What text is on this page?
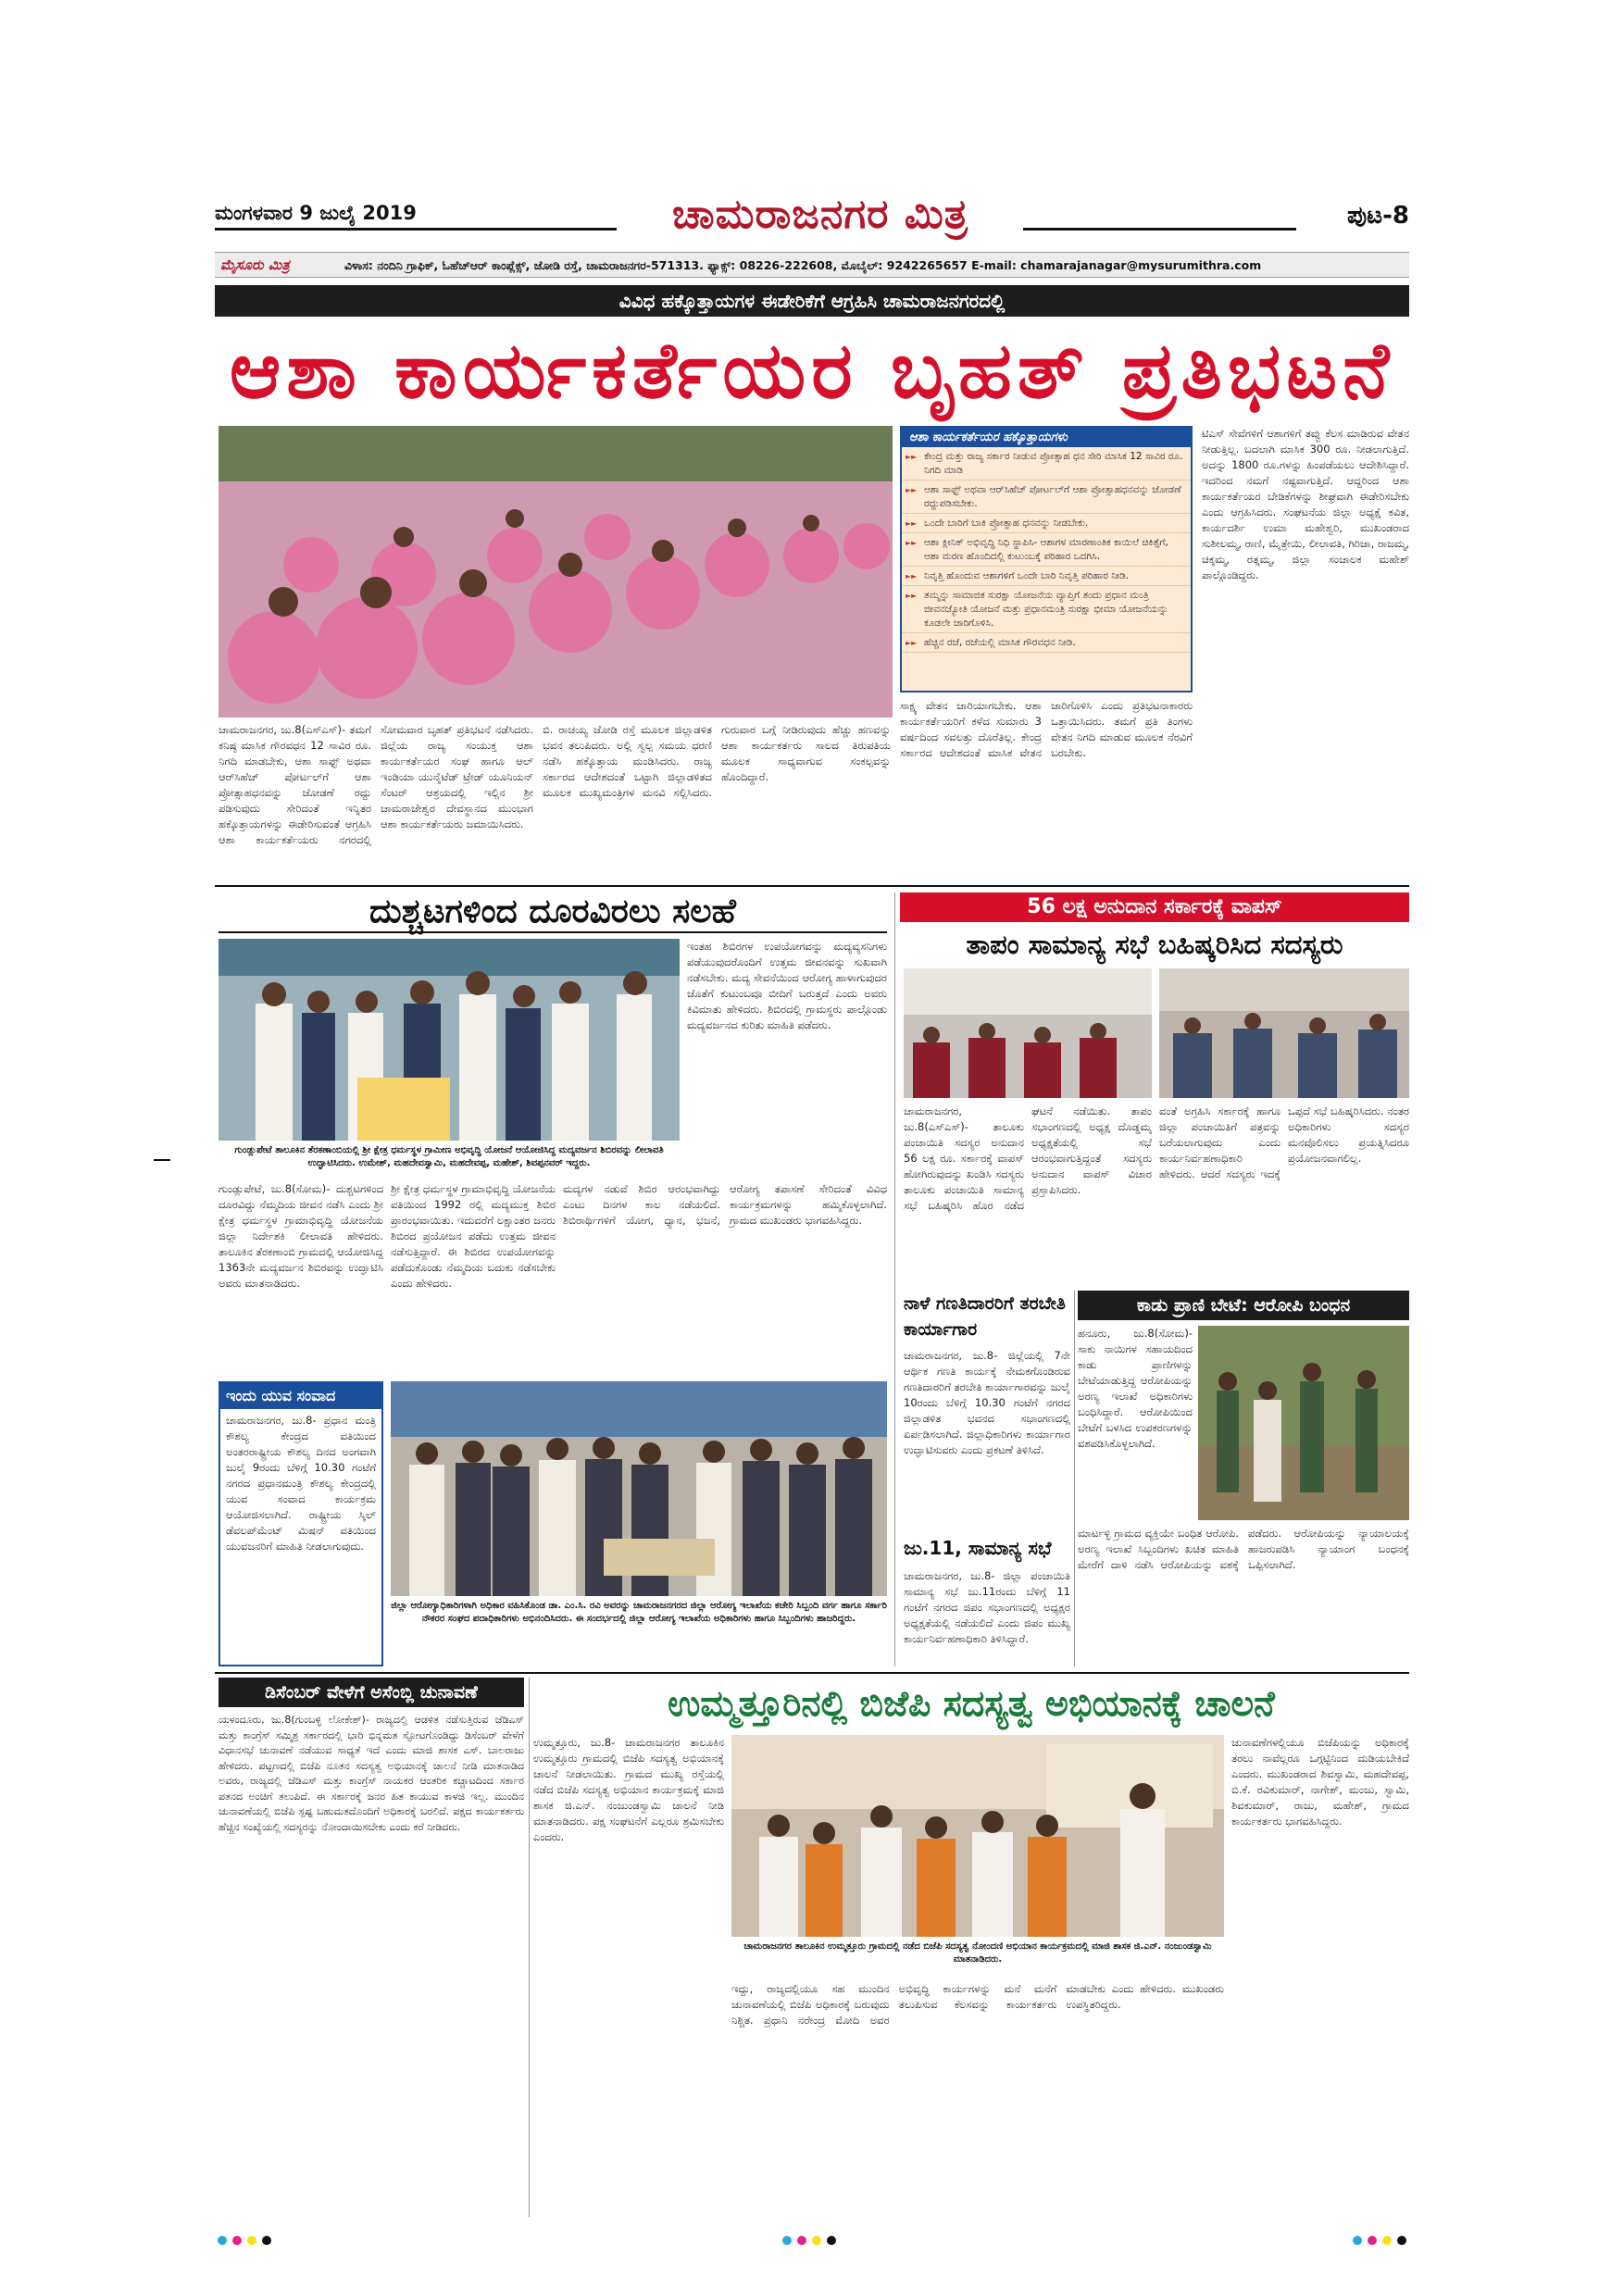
ಮಂಗಳವಾರ 9 ಜುಲೈ 2019	ಚಾಮರಾಜನಗರ ಮಿತ್ರ	ಪುಟ-8
ಮೈಸೂರು ಮಿತ್ರ	ವಿಳಾಸ: ನಂದಿನಿ ಗ್ರಾಫಿಕ್, ಓಹೆಚ್‌ಆರ್ ಕಾಂಪ್ಲೆಕ್ಸ್, ಜೋಡಿ ರಸ್ತೆ, ಚಾಮರಾಜನಗರ-571313. ಫ್ಯಾಕ್ಸ್: 08226-222608, ಮೊಬೈಲ್: 9242265657 E-mail: chamarajanagar@mysurumithra.com
ವಿವಿಧ ಹಕ್ಕೊತ್ತಾಯಗಳ ಈಡೇರಿಕೆಗೆ ಆಗ್ರಹಿಸಿ ಚಾಮರಾಜನಗರದಲ್ಲಿ
ಆಶಾ ಕಾರ್ಯಕರ್ತೆಯರ ಬೃಹತ್ ಪ್ರತಿಭಟನೆ
ಆಶಾ ಕಾರ್ಯಕರ್ತೆಯರ ಹಕ್ಕೊತ್ತಾಯಗಳು
►► ಕೇಂದ್ರ ಮತ್ತು ರಾಜ್ಯ ಸರ್ಕಾರ ನೀಡುವ ಪ್ರೋತ್ಸಾಹ ಧನ ಸೇರಿ ಮಾಸಿಕ 12 ಸಾವಿರ ರೂ. ನಿಗದಿ ಮಾಡಿ
►► ಆಶಾ ಸಾಫ್ಟ್ ಅಥವಾ ಆರ್‌ಸಿಹೆಚ್ ಪೋರ್ಟಲ್‌ಗೆ ಆಶಾ ಪ್ರೋತ್ಸಾಹಧನವನ್ನು ಜೋಡಣೆ ರದ್ದುಪಡಿಸಬೇಕು.
►► ಒಂದೇ ಬಾರಿಗೆ ಬಾಕಿ ಪ್ರೋತ್ಸಾಹ ಧನವನ್ನು ನೀಡಬೇಕು.
►► ಆಶಾ ಕ್ಲೀನಿಕ್ ಅಭಿವೃದ್ಧಿ ನಿಧಿ ಸ್ಥಾಪಿಸಿ- ಆಶಾಗಳ ಮಾರಣಾಂತಿಕ ಕಾಯಿಲೆ ಚಿಕಿತ್ಸೆಗೆ, ಆಶಾ ಮರಣ ಹೊಂದಿದಲ್ಲಿ ಕುಟುಂಬಕ್ಕೆ ಪರಿಹಾರ ಒದಗಿಸಿ.
►► ನಿವೃತ್ತಿ ಹೊಂದುವ ಆಶಾಗಳಿಗೆ ಒಂದೇ ಬಾರಿ ನಿವೃತ್ತಿ ಪರಿಹಾರ ನೀಡಿ.
►► ತಮ್ಮನ್ನು ಸಾಮಾಜಿಕ ಸುರಕ್ಷಾ ಯೋಜನೆಯ ವ್ಯಾಪ್ತಿಗೆ ತಂದು ಪ್ರಧಾನ ಮಂತ್ರಿ ಜೀವನಜ್ಯೋತಿ ಯೋಜನೆ ಮತ್ತು ಪ್ರಧಾನಮಂತ್ರಿ ಸುರಕ್ಷಾ ಭೀಮಾ ಯೋಜನೆಯನ್ನು ಕೂಡಲೇ ಜಾರಿಗೊಳಿಸಿ.
►► ಹೆಚ್ಚಿನ ರಜೆ, ರಜೆಯಲ್ಲಿ ಮಾಸಿಕ ಗೌರವಧನ ನೀಡಿ.
ಚಾಮರಾಜನಗರ, ಜು.8(ಎಸ್‌ಎಸ್)- ತಮಗೆ ಕನಿಷ್ಠ ಮಾಸಿಕ ಗೌರವಧನ 12 ಸಾವಿರ ರೂ. ನಿಗದಿ ಮಾಡಬೇಕು, ಆಶಾ ಸಾಫ್ಟ್ ಅಥವಾ ಆರ್‌ಸಿಹೆಚ್ ಪೋರ್ಟಲ್‌ಗೆ ಆಶಾ ಪ್ರೋತ್ಸಾಹಧನವನ್ನು ಜೋಡಣೆ ರದ್ದು ಪಡಿಸುವುದು ಸೇರಿದಂತೆ ಇನ್ನಿತರ ಹಕ್ಕೊತ್ತಾಯಗಳನ್ನು ಈಡೇರಿಸುವಂತೆ ಆಗ್ರಹಿಸಿ ಆಶಾ ಕಾರ್ಯಕರ್ತೆಯರು ನಗರದಲ್ಲಿ ಸೋಮವಾರ ಬೃಹತ್ ಪ್ರತಿಭಟನೆ ನಡೆಸಿದರು. ಜಿಲ್ಲೆಯ ರಾಜ್ಯ ಸಂಯುಕ್ತ ಆಶಾ ಕಾರ್ಯಕರ್ತೆಯರ ಸಂಘ ಹಾಗೂ ಆಲ್ ಇಂಡಿಯಾ ಯುನೈಟೆಡ್ ಟ್ರೇಡ್ ಯೂನಿಯನ್ ಸೆಂಟರ್ ಆಶ್ರಯದಲ್ಲಿ ಇಲ್ಲಿನ ಶ್ರೀ ಚಾಮರಾಜೇಶ್ವರ ದೇವಸ್ಥಾನದ ಮುಂಭಾಗ ಆಶಾ ಕಾರ್ಯಕರ್ತೆಯರು ಜಮಾಯಿಸಿದರು.
ಬಿ. ರಾಚಯ್ಯ ಜೋಡಿ ರಸ್ತೆ ಮೂಲಕ ಜಿಲ್ಲಾಡಳಿತ ಭವನ ತಲುಪಿದರು. ಅಲ್ಲಿ ಸ್ವಲ್ಪ ಸಮಯ ಧರಣಿ ನಡೆಸಿ ಹಕ್ಕೊತ್ತಾಯ ಮಂಡಿಸಿದರು. ರಾಜ್ಯ ಸರ್ಕಾರದ ಆದೇಶದಂತೆ ಒಟ್ಟಾಗಿ ಜಿಲ್ಲಾಡಳಿತದ ಮೂಲಕ ಮುಖ್ಯಮಂತ್ರಿಗಳ ಮನವಿ ಸಲ್ಲಿಸಿದರು. ಗುರುವಾರ ಬಗ್ಗೆ ನೀಡಿರುವುದು ಹೆಚ್ಚು ಹಣವನ್ನು ಆಶಾ ಕಾರ್ಯಕರ್ತರು ಸಾಲದ ತಿರುಪತಿಯ ಮೂಲಕ ಸಾಧ್ಯವಾಗುವ ಸಂಕಲ್ಪವನ್ನು ಹೊಂದಿದ್ದಾರೆ.
ಸಾಕ್ಷ್ಯ ವೇತನ ಜಾರಿಯಾಗಬೇಕು. ಆಶಾ ಕಾರ್ಯಕರ್ತೆಯರಿಗೆ ಕಳೆದ ಸುಮಾರು 3 ವರ್ಷದಿಂದ ಸವಲತ್ತು ದೊರೆತಿಲ್ಲ. ಕೇಂದ್ರ ಸರ್ಕಾರದ ಆದೇಶದಂತೆ ಮಾಸಿಕ ವೇತನ ಜಾರಿಗೊಳಿಸಿ ಎಂದು ಪ್ರತಿಭಟನಾಕಾರರು ಒತ್ತಾಯಿಸಿದರು. ತಮಗೆ ಪ್ರತಿ ತಿಂಗಳು ವೇತನ ನಿಗದಿ ಮಾಡುವ ಮೂಲಕ ನೆರವಿಗೆ ಬರಬೇಕು.
ಟಿಎಸ್ ಸೇವೆಗಳಿಗೆ ಆಶಾಗಳಿಗೆ ತವ್ವು ಕೆಲಸ ಮಾಡಿರುವ ವೇತನ ನೀಡುತ್ತಿಲ್ಲ. ಬದಲಾಗಿ ಮಾಸಿಕ 300 ರೂ. ನೀಡಲಾಗುತ್ತಿದೆ. ಅದನ್ನು 1800 ರೂ.ಗಳನ್ನು ಹಿಂಪಡೆಯಲು ಆದೇಶಿಸಿದ್ದಾರೆ. ಇದರಿಂದ ನಮಗೆ ನಷ್ಟವಾಗುತ್ತಿದೆ. ಆದ್ದರಿಂದ ಆಶಾ ಕಾರ್ಯಕರ್ತೆಯರ ಬೇಡಿಕೆಗಳನ್ನು ಶೀಘ್ರವಾಗಿ ಈಡೇರಿಸಬೇಕು ಎಂದು ಆಗ್ರಹಿಸಿದರು. ಸಂಘಟನೆಯ ಜಿಲ್ಲಾ ಅಧ್ಯಕ್ಷೆ ಕವಿತ, ಕಾರ್ಯದರ್ಶಿ ಉಮಾ ಮಹೇಶ್ವರಿ, ಮುಖಂಡರಾದ ಸುಶೀಲಮ್ಮ, ರಾಣಿ, ಮೈತ್ರೇಯಿ, ಲೀಲಾವತಿ, ಗಿರಿಜಾ, ರಾಜಮ್ಮ, ಚಿಕ್ಕಮ್ಮ, ರತ್ನಮ್ಮ, ಜಿಲ್ಲಾ ಸಂಚಾಲಕ ಮಹೇಶ್ ಪಾಲ್ಗೊಂಡಿದ್ದರು.
ದುಶ್ಚಟಗಳಿಂದ ದೂರವಿರಲು ಸಲಹೆ
ಗುಂಡ್ಲುಪೇಟೆ ತಾಲೂಕಿನ ತೆರಕಣಾಂಬಿಯಲ್ಲಿ ಶ್ರೀ ಕ್ಷೇತ್ರ ಧರ್ಮಸ್ಥಳ ಗ್ರಾಮೀಣ ಅಭಿವೃದ್ಧಿ ಯೋಜನೆ ಆಯೋಜಿಸಿದ್ದ ಮದ್ಯವರ್ಜನ ಶಿಬಿರವನ್ನು ಲೀಲಾವತಿ ಉದ್ಘಾಟಿಸಿದರು. ಉಮೇಶ್, ಮಹದೇವಸ್ವಾಮಿ, ಮಹದೇವಪ್ಪ, ಮಹೇಶ್, ಶಿವಪ್ಪನವರ್ ಇದ್ದರು.
ಇಂತಹ ಶಿಬಿರಗಳ ಉಪಯೋಗವನ್ನು ಮದ್ಯವ್ಯಸನಿಗಳು ಪಡೆಯುವುದರೊಂದಿಗೆ ಉತ್ತಮ ಜೀವನವನ್ನು ಸುಖವಾಗಿ ನಡೆಸಬೇಕು. ಮದ್ಯ ಸೇವನೆಯಿಂದ ಆರೋಗ್ಯ ಹಾಳಾಗುವುದರ ಜೊತೆಗೆ ಕುಟುಂಬವೂ ಬೀದಿಗೆ ಬರುತ್ತದೆ ಎಂದು ಅವರು ಕಿವಿಮಾತು ಹೇಳಿದರು. ಶಿಬಿರದಲ್ಲಿ ಗ್ರಾಮಸ್ಥರು ಪಾಲ್ಗೊಂಡು ಮದ್ಯವರ್ಜನದ ಕುರಿತು ಮಾಹಿತಿ ಪಡೆದರು.
ಗುಂಡ್ಲುಪೇಟೆ, ಜು.8(ಸೋಮ)- ದುಶ್ಚಟಗಳಿಂದ ದೂರವಿದ್ದು ನೆಮ್ಮದಿಯ ಜೀವನ ನಡೆಸಿ ಎಂದು ಶ್ರೀ ಕ್ಷೇತ್ರ ಧರ್ಮಸ್ಥಳ ಗ್ರಾಮಾಭಿವೃದ್ಧಿ ಯೋಜನೆಯ ಜಿಲ್ಲಾ ನಿರ್ದೇಶಕಿ ಲೀಲಾವತಿ ಹೇಳಿದರು. ತಾಲೂಕಿನ ತೆರಕಣಾಂಬಿ ಗ್ರಾಮದಲ್ಲಿ ಆಯೋಜಿಸಿದ್ದ 1363ನೇ ಮದ್ಯವರ್ಜನ ಶಿಬಿರವನ್ನು ಉದ್ಘಾಟಿಸಿ ಅವರು ಮಾತನಾಡಿದರು.
ಶ್ರೀ ಕ್ಷೇತ್ರ ಧರ್ಮಸ್ಥಳ ಗ್ರಾಮಾಭಿವೃದ್ಧಿ ಯೋಜನೆಯ ವತಿಯಿಂದ 1992 ರಲ್ಲಿ ಮದ್ಯಮುಕ್ತ ಶಿಬಿರ ಪ್ರಾರಂಭವಾಯಿತು. ಇದುವರೆಗೆ ಲಕ್ಷಾಂತರ ಜನರು ಶಿಬಿರದ ಪ್ರಯೋಜನ ಪಡೆದು ಉತ್ತಮ ಜೀವನ ನಡೆಸುತ್ತಿದ್ದಾರೆ. ಈ ಶಿಬಿರದ ಉಪಯೋಗವನ್ನು ಪಡೆದುಕೊಂಡು ನೆಮ್ಮದಿಯ ಬದುಕು ನಡೆಸಬೇಕು ಎಂದು ಹೇಳಿದರು.
ಮದ್ಯಗಳ ನಡುವೆ ಶಿಬಿರ ಆರಂಭವಾಗಿದ್ದು ಎಂಟು ದಿನಗಳ ಕಾಲ ನಡೆಯಲಿದೆ. ಶಿಬಿರಾರ್ಥಿಗಳಿಗೆ ಯೋಗ, ಧ್ಯಾನ, ಭಜನೆ, ಆರೋಗ್ಯ ತಪಾಸಣೆ ಸೇರಿದಂತೆ ವಿವಿಧ ಕಾರ್ಯಕ್ರಮಗಳನ್ನು ಹಮ್ಮಿಕೊಳ್ಳಲಾಗಿದೆ. ಗ್ರಾಮದ ಮುಖಂಡರು ಭಾಗವಹಿಸಿದ್ದರು.
56 ಲಕ್ಷ ಅನುದಾನ ಸರ್ಕಾರಕ್ಕೆ ವಾಪಸ್
ತಾಪಂ ಸಾಮಾನ್ಯ ಸಭೆ ಬಹಿಷ್ಕರಿಸಿದ ಸದಸ್ಯರು
ಚಾಮರಾಜನಗರ, ಜು.8(ಎಸ್‌ಎಸ್)- ತಾಲೂಕು ಪಂಚಾಯಿತಿ ಸದಸ್ಯರ ಅನುದಾನ 56 ಲಕ್ಷ ರೂ. ಸರ್ಕಾರಕ್ಕೆ ವಾಪಸ್ ಹೋಗಿರುವುದನ್ನು ಖಂಡಿಸಿ ಸದಸ್ಯರು ತಾಲೂಕು ಪಂಚಾಯಿತಿ ಸಾಮಾನ್ಯ ಸಭೆ ಬಹಿಷ್ಕರಿಸಿ ಹೊರ ನಡೆದ ಘಟನೆ ನಡೆಯಿತು. ತಾಪಂ ಸಭಾಂಗಣದಲ್ಲಿ ಅಧ್ಯಕ್ಷ ದೊಡ್ಡಮ್ಮ ಅಧ್ಯಕ್ಷತೆಯಲ್ಲಿ ಸಭೆ ಆರಂಭವಾಗುತ್ತಿದ್ದಂತೆ ಸದಸ್ಯರು ಅನುದಾನ ವಾಪಸ್ ವಿಚಾರ ಪ್ರಸ್ತಾಪಿಸಿದರು.
ವಂತೆ ಅಗ್ರಹಿಸಿ ಸರ್ಕಾರಕ್ಕೆ ಹಾಗೂ ಜಿಲ್ಲಾ ಪಂಚಾಯಿತಿಗೆ ಪತ್ರವನ್ನು ಬರೆಯಲಾಗುವುದು ಎಂದು ಕಾರ್ಯನಿರ್ವಹಣಾಧಿಕಾರಿ ಹೇಳಿದರು. ಆದರೆ ಸದಸ್ಯರು ಇದಕ್ಕೆ ಒಪ್ಪದೆ ಸಭೆ ಬಹಿಷ್ಕರಿಸಿದರು. ನಂತರ ಅಧಿಕಾರಿಗಳು ಸದಸ್ಯರ ಮನವೊಲಿಸಲು ಪ್ರಯತ್ನಿಸಿದರೂ ಪ್ರಯೋಜನವಾಗಲಿಲ್ಲ.
ನಾಳೆ ಗಣತಿದಾರರಿಗೆ ತರಬೇತಿ ಕಾರ್ಯಾಗಾರ
ಚಾಮರಾಜನಗರ, ಜು.8- ಜಿಲ್ಲೆಯಲ್ಲಿ 7ನೇ ಆರ್ಥಿಕ ಗಣತಿ ಕಾರ್ಯಕ್ಕೆ ನೇಮಕಗೊಂಡಿರುವ ಗಣತಿದಾರರಿಗೆ ತರಬೇತಿ ಕಾರ್ಯಾಗಾರವನ್ನು ಜುಲೈ 10ರಂದು ಬೆಳಿಗ್ಗೆ 10.30 ಗಂಟೆಗೆ ನಗರದ ಜಿಲ್ಲಾಡಳಿತ ಭವನದ ಸಭಾಂಗಣದಲ್ಲಿ ಏರ್ಪಡಿಸಲಾಗಿದೆ. ಜಿಲ್ಲಾಧಿಕಾರಿಗಳು ಕಾರ್ಯಾಗಾರ ಉದ್ಘಾಟಿಸುವರು ಎಂದು ಪ್ರಕಟಣೆ ತಿಳಿಸಿದೆ.
ಜು.11, ಸಾಮಾನ್ಯ ಸಭೆ
ಚಾಮರಾಜನಗರ, ಜು.8- ಜಿಲ್ಲಾ ಪಂಚಾಯಿತಿ ಸಾಮಾನ್ಯ ಸಭೆ ಜು.11ರಂದು ಬೆಳಿಗ್ಗೆ 11 ಗಂಟೆಗೆ ನಗರದ ಜಿಪಂ ಸಭಾಂಗಣದಲ್ಲಿ ಅಧ್ಯಕ್ಷರ ಅಧ್ಯಕ್ಷತೆಯಲ್ಲಿ ನಡೆಯಲಿದೆ ಎಂದು ಜಿಪಂ ಮುಖ್ಯ ಕಾರ್ಯನಿರ್ವಹಣಾಧಿಕಾರಿ ತಿಳಿಸಿದ್ದಾರೆ.
ಕಾಡು ಪ್ರಾಣಿ ಬೇಟೆ: ಆರೋಪಿ ಬಂಧನ
ಹನೂರು, ಜು.8(ಸೋಮ)- ಸಾಕು ನಾಯಿಗಳ ಸಹಾಯದಿಂದ ಕಾಡು ಪ್ರಾಣಿಗಳನ್ನು ಬೇಟೆಯಾಡುತ್ತಿದ್ದ ಆರೋಪಿಯನ್ನು ಅರಣ್ಯ ಇಲಾಖೆ ಅಧಿಕಾರಿಗಳು ಬಂಧಿಸಿದ್ದಾರೆ. ಆರೋಪಿಯಿಂದ ಬೇಟೆಗೆ ಬಳಸಿದ ಉಪಕರಣಗಳನ್ನು ವಶಪಡಿಸಿಕೊಳ್ಳಲಾಗಿದೆ.
ಮಾರ್ಟಳ್ಳಿ ಗ್ರಾಮದ ವ್ಯಕ್ತಿಯೇ ಬಂಧಿತ ಆರೋಪಿ. ಅರಣ್ಯ ಇಲಾಖೆ ಸಿಬ್ಬಂದಿಗಳು ಖಚಿತ ಮಾಹಿತಿ ಮೇರೆಗೆ ದಾಳಿ ನಡೆಸಿ ಆರೋಪಿಯನ್ನು ವಶಕ್ಕೆ ಪಡೆದರು. ಆರೋಪಿಯನ್ನು ನ್ಯಾಯಾಲಯಕ್ಕೆ ಹಾಜರುಪಡಿಸಿ ನ್ಯಾಯಾಂಗ ಬಂಧನಕ್ಕೆ ಒಪ್ಪಿಸಲಾಗಿದೆ.
ಇಂದು ಯುವ ಸಂವಾದ
ಚಾಮರಾಜನಗರ, ಜು.8- ಪ್ರಧಾನ ಮಂತ್ರಿ ಕೌಶಲ್ಯ ಕೇಂದ್ರದ ವತಿಯಿಂದ ಅಂತರರಾಷ್ಟ್ರೀಯ ಕೌಶಲ್ಯ ದಿನದ ಅಂಗವಾಗಿ ಜುಲೈ 9ರಂದು ಬೆಳಿಗ್ಗೆ 10.30 ಗಂಟೆಗೆ ನಗರದ ಪ್ರಧಾನಮಂತ್ರಿ ಕೌಶಲ್ಯ ಕೇಂದ್ರದಲ್ಲಿ ಯುವ ಸಂವಾದ ಕಾರ್ಯಕ್ರಮ ಆಯೋಜಿಸಲಾಗಿದೆ. ರಾಷ್ಟ್ರೀಯ ಸ್ಕಿಲ್ ಡೆವಲಪ್‌ಮೆಂಟ್ ಮಿಷನ್ ವತಿಯಿಂದ ಯುವಜನರಿಗೆ ಮಾಹಿತಿ ನೀಡಲಾಗುವುದು.
ಜಿಲ್ಲಾ ಆರೋಗ್ಯಾಧಿಕಾರಿಗಳಾಗಿ ಅಧಿಕಾರ ವಹಿಸಿಕೊಂಡ ಡಾ. ಎಂ.ಸಿ. ರವಿ ಅವರನ್ನು ಚಾಮರಾಜನಗರದ ಜಿಲ್ಲಾ ಆರೋಗ್ಯ ಇಲಾಖೆಯ ಕಚೇರಿ ಸಿಬ್ಬಂದಿ ವರ್ಗ ಹಾಗೂ ಸರ್ಕಾರಿ ನೌಕರರ ಸಂಘದ ಪದಾಧಿಕಾರಿಗಳು ಅಭಿನಂದಿಸಿದರು. ಈ ಸಂದರ್ಭದಲ್ಲಿ ಜಿಲ್ಲಾ ಆರೋಗ್ಯ ಇಲಾಖೆಯ ಅಧಿಕಾರಿಗಳು ಹಾಗೂ ಸಿಬ್ಬಂದಿಗಳು ಹಾಜರಿದ್ದರು.
ಡಿಸೆಂಬರ್ ವೇಳೆಗೆ ಅಸೆಂಬ್ಲಿ ಚುನಾವಣೆ
ಯಳಂದೂರು, ಜು.8(ಗುಂಬಳ್ಳಿ ಲೋಕೇಶ್)- ರಾಜ್ಯದಲ್ಲಿ ಆಡಳಿತ ನಡೆಸುತ್ತಿರುವ ಜೆಡಿಎಸ್ ಮತ್ತು ಕಾಂಗ್ರೆಸ್ ಸಮ್ಮಿಶ್ರ ಸರ್ಕಾರದಲ್ಲಿ ಭಾರಿ ಭಿನ್ನಮತ ಸ್ಫೋಟಗೊಂಡಿದ್ದು ಡಿಸೆಂಬರ್ ವೇಳೆಗೆ ವಿಧಾನಸಭೆ ಚುನಾವಣೆ ನಡೆಯುವ ಸಾಧ್ಯತೆ ಇದೆ ಎಂದು ಮಾಜಿ ಶಾಸಕ ಎಸ್. ಬಾಲರಾಜು ಹೇಳಿದರು. ಪಟ್ಟಣದಲ್ಲಿ ಬಿಜೆಪಿ ನೂತನ ಸದಸ್ಯತ್ವ ಅಭಿಯಾನಕ್ಕೆ ಚಾಲನೆ ನೀಡಿ ಮಾತನಾಡಿದ ಅವರು, ರಾಜ್ಯದಲ್ಲಿ ಜೆಡಿಎಸ್ ಮತ್ತು ಕಾಂಗ್ರೆಸ್ ನಾಯಕರ ಆಂತರಿಕ ಕಚ್ಚಾಟದಿಂದ ಸರ್ಕಾರ ಪತನದ ಅಂಚಿಗೆ ತಲುಪಿದೆ. ಈ ಸರ್ಕಾರಕ್ಕೆ ಜನರ ಹಿತ ಕಾಯುವ ಕಾಳಜಿ ಇಲ್ಲ. ಮುಂದಿನ ಚುನಾವಣೆಯಲ್ಲಿ ಬಿಜೆಪಿ ಸ್ಪಷ್ಟ ಬಹುಮತದೊಂದಿಗೆ ಅಧಿಕಾರಕ್ಕೆ ಬರಲಿದೆ. ಪಕ್ಷದ ಕಾರ್ಯಕರ್ತರು ಹೆಚ್ಚಿನ ಸಂಖ್ಯೆಯಲ್ಲಿ ಸದಸ್ಯರನ್ನು ನೋಂದಾಯಿಸಬೇಕು ಎಂದು ಕರೆ ನೀಡಿದರು.
ಉಮ್ಮತ್ತೂರಿನಲ್ಲಿ ಬಿಜೆಪಿ ಸದಸ್ಯತ್ವ ಅಭಿಯಾನಕ್ಕೆ ಚಾಲನೆ
ಉಮ್ಮತ್ತೂರು, ಜು.8- ಚಾಮರಾಜನಗರ ತಾಲೂಕಿನ ಉಮ್ಮತ್ತೂರು ಗ್ರಾಮದಲ್ಲಿ ಬಿಜೆಪಿ ಸದಸ್ಯತ್ವ ಅಭಿಯಾನಕ್ಕೆ ಚಾಲನೆ ನೀಡಲಾಯಿತು. ಗ್ರಾಮದ ಮುಖ್ಯ ರಸ್ತೆಯಲ್ಲಿ ನಡೆದ ಬಿಜೆಪಿ ಸದಸ್ಯತ್ವ ಅಭಿಯಾನ ಕಾರ್ಯಕ್ರಮಕ್ಕೆ ಮಾಜಿ ಶಾಸಕ ಜಿ.ಎನ್. ನಂಜುಂಡಸ್ವಾಮಿ ಚಾಲನೆ ನೀಡಿ ಮಾತನಾಡಿದರು. ಪಕ್ಷ ಸಂಘಟನೆಗೆ ಎಲ್ಲರೂ ಶ್ರಮಿಸಬೇಕು ಎಂದರು.
ಚಾಮರಾಜನಗರ ತಾಲೂಕಿನ ಉಮ್ಮತ್ತೂರು ಗ್ರಾಮದಲ್ಲಿ ನಡೆದ ಬಿಜೆಪಿ ಸದಸ್ಯತ್ವ ನೋಂದಣಿ ಅಭಿಯಾನ ಕಾರ್ಯಕ್ರಮದಲ್ಲಿ ಮಾಜಿ ಶಾಸಕ ಜಿ.ಎನ್. ನಂಜುಂಡಸ್ವಾಮಿ ಮಾತನಾಡಿದರು.
ಇದ್ದು, ರಾಜ್ಯದಲ್ಲಿಯೂ ಸಹ ಮುಂದಿನ ಚುನಾವಣೆಯಲ್ಲಿ ಬಿಜೆಪಿ ಅಧಿಕಾರಕ್ಕೆ ಬರುವುದು ನಿಶ್ಚಿತ. ಪ್ರಧಾನಿ ನರೇಂದ್ರ ಮೋದಿ ಅವರ ಅಭಿವೃದ್ಧಿ ಕಾರ್ಯಗಳನ್ನು ಮನೆ ಮನೆಗೆ ತಲುಪಿಸುವ ಕೆಲಸವನ್ನು ಕಾರ್ಯಕರ್ತರು ಮಾಡಬೇಕು ಎಂದು ಹೇಳಿದರು. ಮುಖಂಡರು ಉಪಸ್ಥಿತರಿದ್ದರು.
ಚುನಾವಣೆಗಳಲ್ಲಿಯೂ ಬಿಜೆಪಿಯನ್ನು ಅಧಿಕಾರಕ್ಕೆ ತರಲು ನಾವೆಲ್ಲರೂ ಒಗ್ಗಟ್ಟಿನಿಂದ ದುಡಿಯಬೇಕಿದೆ ಎಂದರು. ಮುಖಂಡರಾದ ಶಿವಸ್ವಾಮಿ, ಮಹದೇವಪ್ಪ, ಬಿ.ಕೆ. ರವಿಕುಮಾರ್, ನಾಗೇಶ್, ಮಂಜು, ಸ್ವಾಮಿ, ಶಿವಕುಮಾರ್, ರಾಜು, ಮಹೇಶ್, ಗ್ರಾಮದ ಕಾರ್ಯಕರ್ತರು ಭಾಗವಹಿಸಿದ್ದರು.
